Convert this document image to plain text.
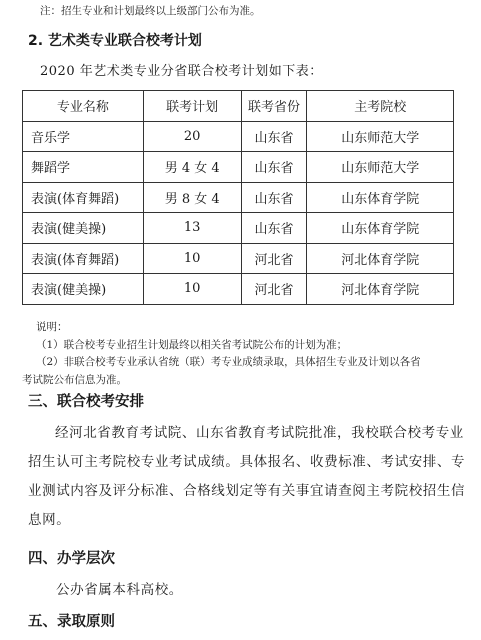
注：招生专业和计划最终以上级部门公布为准。
2. 艺术类专业联合校考计划
2020 年艺术类专业分省联合校考计划如下表：
专业名称	联考计划	联考省份	主考院校
音乐学	20	山东省	山东师范大学
舞蹈学	男 4 女 4	山东省	山东师范大学
表演(体育舞蹈)	男 8 女 4	山东省	山东体育学院
表演(健美操)	13	山东省	山东体育学院
表演(体育舞蹈)	10	河北省	河北体育学院
表演(健美操)	10	河北省	河北体育学院
说明：
（1）联合校考专业招生计划最终以相关省考试院公布的计划为准；
（2）非联合校考专业承认省统（联）考专业成绩录取，具体招生专业及计划以各省
考试院公布信息为准。
三、联合校考安排
经河北省教育考试院、山东省教育考试院批准，我校联合校考专业招生认可主考院校专业考试成绩。具体报名、收费标准、考试安排、专业测试内容及评分标准、合格线划定等有关事宜请查阅主考院校招生信息网。
四、办学层次
公办省属本科高校。
五、录取原则
